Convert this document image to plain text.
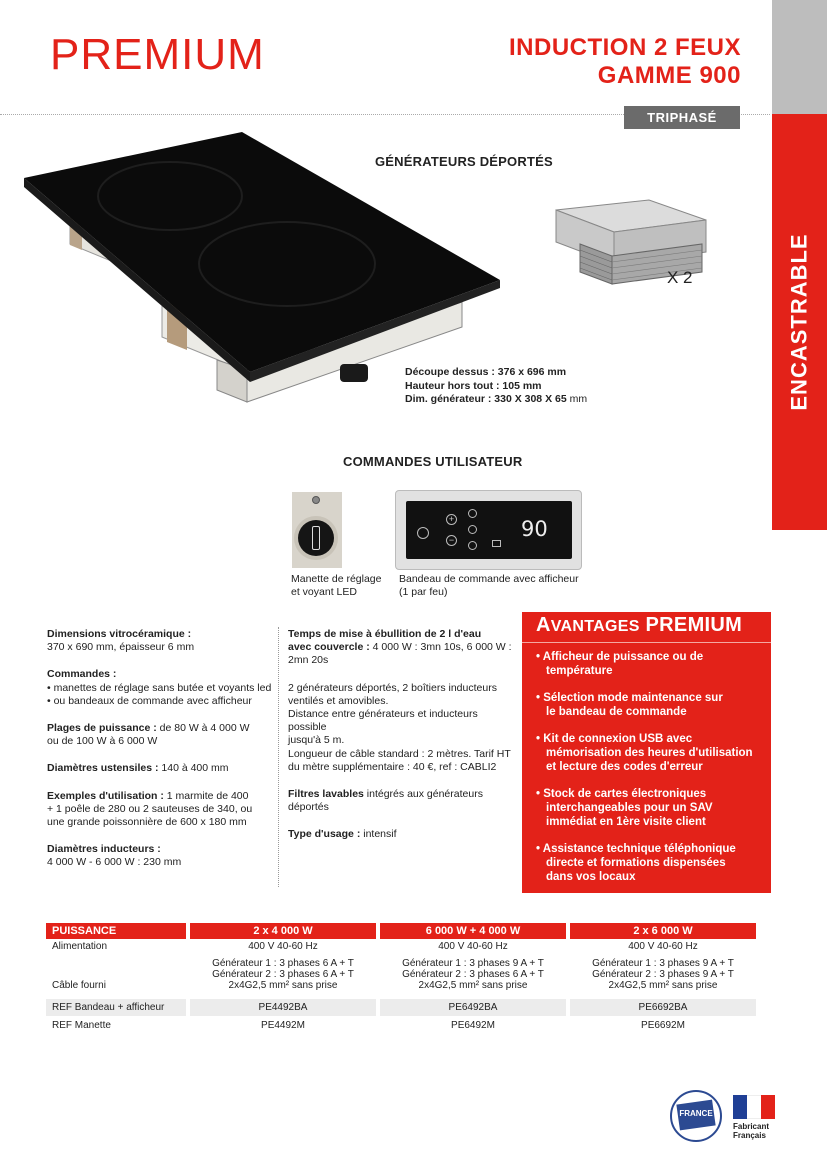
PREMIUM	INDUCTION 2 FEUX
GAMME 900
TRIPHASÉ
ENCASTRABLE
GÉNÉRATEURS DÉPORTÉS
X 2
Découpe dessus : 376 x 696 mm
Hauteur hors tout : 105 mm
Dim. générateur : 330 X 308 X 65 mm
COMMANDES UTILISATEUR
Manette de réglage
et voyant LED
+
−	90
Bandeau de commande avec afficheur
(1 par feu)

Dimensions vitrocéramique :
370 x 690 mm, épaisseur 6 mm

Commandes :
• manettes de réglage sans butée et voyants led
• ou bandeaux de commande avec afficheur

Plages de puissance : de 80 W à 4 000 W
ou de 100 W à 6 000 W

Diamètres ustensiles : 140 à 400 mm

Exemples d'utilisation : 1 marmite de 400
+ 1 poêle de 280 ou 2 sauteuses de 340, ou
une grande poissonnière de 600 x 180 mm

Diamètres inducteurs :
4 000 W - 6 000 W : 230 mm

Temps de mise à ébullition de 2 l d'eau
avec couvercle : 4 000 W : 3mn 10s, 6 000 W :
2mn 20s

2 générateurs déportés, 2 boîtiers inducteurs
ventilés et amovibles.
Distance entre générateurs et inducteurs possible
jusqu'à 5 m.
Longueur de câble standard : 2 mètres. Tarif HT
du mètre supplémentaire : 40 €, ref : CABLI2

Filtres lavables intégrés aux générateurs
déportés

Type d'usage : intensif

AVANTAGES PREMIUM
• Afficheur de puissance ou de
température
• Sélection mode maintenance sur
le bandeau de commande
• Kit de connexion USB avec
mémorisation des heures d'utilisation
et lecture des codes d'erreur
• Stock de cartes électroniques
interchangeables pour un SAV
immédiat en 1ère visite client
• Assistance technique téléphonique
directe et formations dispensées
dans vos locaux
PUISSANCE	2 x 4 000 W	6 000 W + 4 000 W	2 x 6 000 W
Alimentation	400 V 40-60 Hz	400 V 40-60 Hz	400 V 40-60 Hz
Générateur 1 : 3 phases 6 A + T	Générateur 1 : 3 phases 9 A + T	Générateur 1 : 3 phases 9 A + T
Générateur 2 : 3 phases 6 A + T	Générateur 2 : 3 phases 6 A + T	Générateur 2 : 3 phases 9 A + T
Câble fourni	2x4G2,5 mm² sans prise	2x4G2,5 mm² sans prise	2x4G2,5 mm² sans prise
REF Bandeau + afficheur	PE4492BA	PE6492BA	PE6692BA
REF Manette	PE4492M	PE6492M	PE6692M
FRANCE
Fabricant
Français
